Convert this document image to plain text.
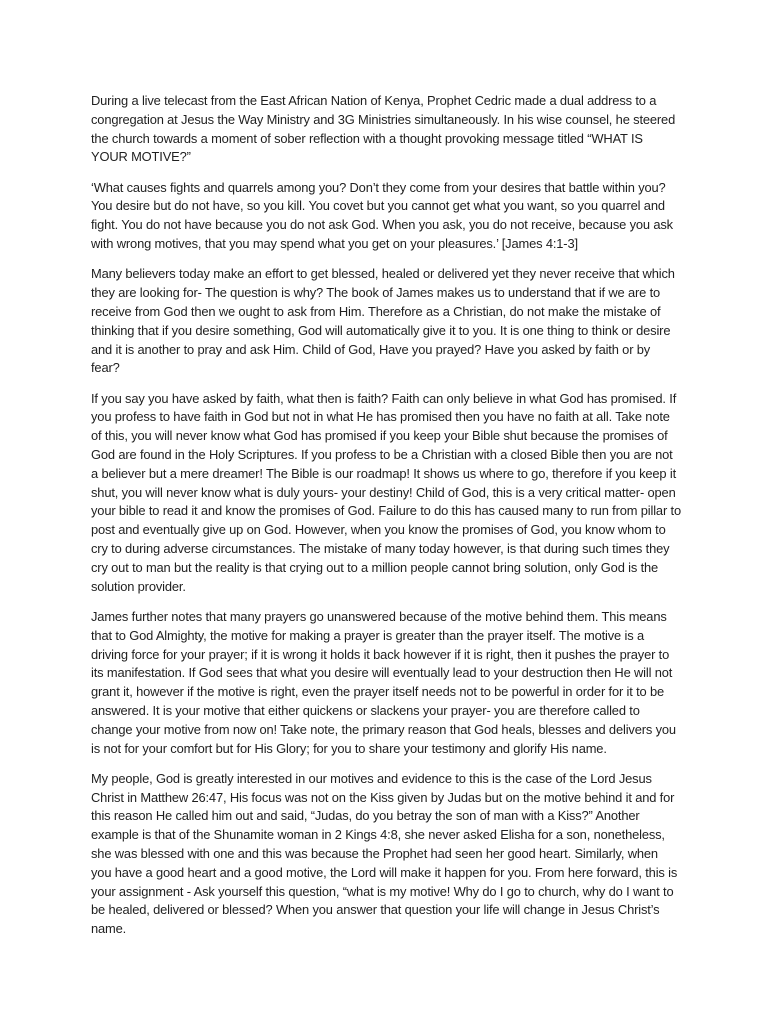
During a live telecast from the East African Nation of Kenya, Prophet Cedric made a dual address to a congregation at Jesus the Way Ministry and 3G Ministries simultaneously. In his wise counsel, he steered the church towards a moment of sober reflection with a thought provoking message titled “WHAT IS YOUR MOTIVE?”

‘What causes fights and quarrels among you? Don’t they come from your desires that battle within you? You desire but do not have, so you kill. You covet but you cannot get what you want, so you quarrel and fight. You do not have because you do not ask God. When you ask, you do not receive, because you ask with wrong motives, that you may spend what you get on your pleasures.’ [James 4:1-3]

Many believers today make an effort to get blessed, healed or delivered yet they never receive that which they are looking for- The question is why? The book of James makes us to understand that if we are to receive from God then we ought to ask from Him. Therefore as a Christian, do not make the mistake of thinking that if you desire something, God will automatically give it to you. It is one thing to think or desire and it is another to pray and ask Him. Child of God, Have you prayed? Have you asked by faith or by fear?

If you say you have asked by faith, what then is faith? Faith can only believe in what God has promised. If you profess to have faith in God but not in what He has promised then you have no faith at all. Take note of this, you will never know what God has promised if you keep your Bible shut because the promises of God are found in the Holy Scriptures. If you profess to be a Christian with a closed Bible then you are not a believer but a mere dreamer! The Bible is our roadmap! It shows us where to go, therefore if you keep it shut, you will never know what is duly yours- your destiny! Child of God, this is a very critical matter- open your bible to read it and know the promises of God. Failure to do this has caused many to run from pillar to post and eventually give up on God. However, when you know the promises of God, you know whom to cry to during adverse circumstances. The mistake of many today however, is that during such times they cry out to man but the reality is that crying out to a million people cannot bring solution, only God is the solution provider.

James further notes that many prayers go unanswered because of the motive behind them. This means that to God Almighty, the motive for making a prayer is greater than the prayer itself. The motive is a driving force for your prayer; if it is wrong it holds it back however if it is right, then it pushes the prayer to its manifestation. If God sees that what you desire will eventually lead to your destruction then He will not grant it, however if the motive is right, even the prayer itself needs not to be powerful in order for it to be answered. It is your motive that either quickens or slackens your prayer- you are therefore called to change your motive from now on! Take note, the primary reason that God heals, blesses and delivers you is not for your comfort but for His Glory; for you to share your testimony and glorify His name.

My people, God is greatly interested in our motives and evidence to this is the case of the Lord Jesus Christ in Matthew 26:47, His focus was not on the Kiss given by Judas but on the motive behind it and for this reason He called him out and said, “Judas, do you betray the son of man with a Kiss?” Another example is that of the Shunamite woman in 2 Kings 4:8, she never asked Elisha for a son, nonetheless, she was blessed with one and this was because the Prophet had seen her good heart. Similarly, when you have a good heart and a good motive, the Lord will make it happen for you. From here forward, this is your assignment - Ask yourself this question, “what is my motive! Why do I go to church, why do I want to be healed, delivered or blessed? When you answer that question your life will change in Jesus Christ’s name.
